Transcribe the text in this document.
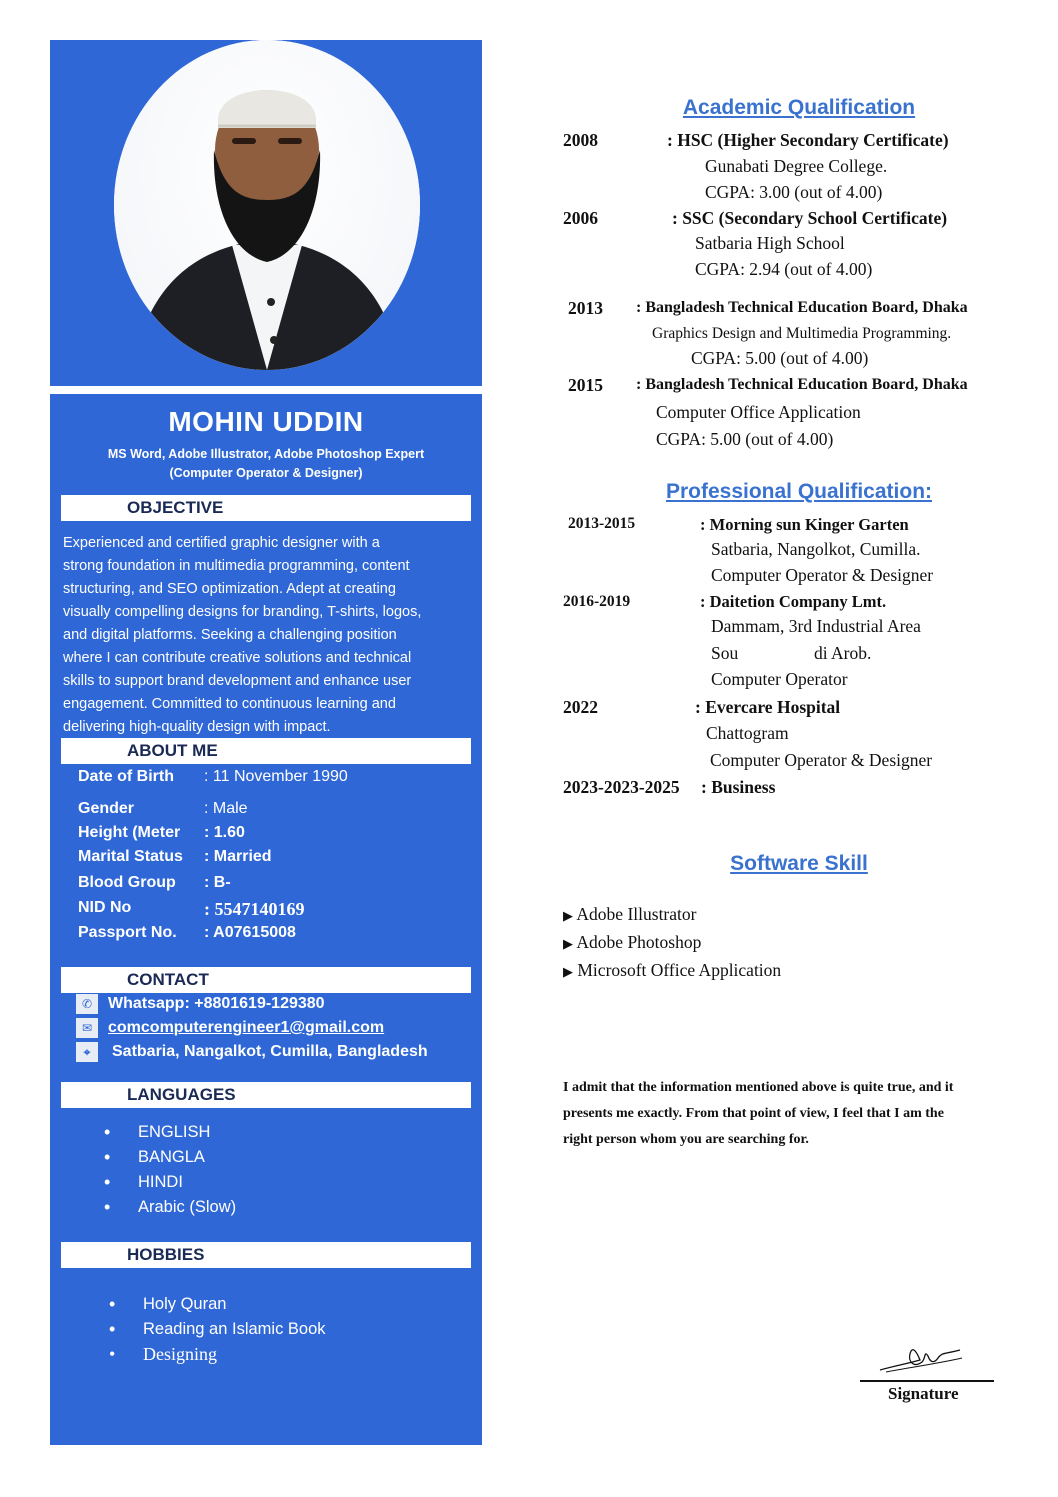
MOHIN UDDIN
MS Word, Adobe Illustrator, Adobe Photoshop Expert
(Computer Operator & Designer)
OBJECTIVE
Experienced and certified graphic designer with a
strong foundation in multimedia programming, content
structuring, and SEO optimization. Adept at creating
visually compelling designs for branding, T-shirts, logos,
and digital platforms. Seeking a challenging position
where I can contribute creative solutions and technical
skills to support brand development and enhance user
engagement. Committed to continuous learning and
delivering high-quality design with impact.
ABOUT ME
Date of Birth	: 11 November 1990
Gender	: Male
Height (Meter	: 1.60
Marital Status	: Married
Blood Group	: B-
NID No	: 5547140169
Passport No.	: A07615008
CONTACT
✆ Whatsapp: +8801619-129380
✉ comcomputerengineer1@gmail.com
⌖	Satbaria, Nangalkot, Cumilla, Bangladesh
LANGUAGES
• ENGLISH
• BANGLA
• HINDI
• Arabic (Slow)
HOBBIES
• Holy Quran
• Reading an Islamic Book
• Designing
Academic Qualification
2008	: HSC (Higher Secondary Certificate)
Gunabati Degree College.
CGPA: 3.00 (out of 4.00)
2006	: SSC (Secondary School Certificate)
Satbaria High School
CGPA: 2.94 (out of 4.00)
2013 : Bangladesh Technical Education Board, Dhaka
Graphics Design and Multimedia Programming.
CGPA: 5.00 (out of 4.00)
2015 : Bangladesh Technical Education Board, Dhaka
Computer Office Application
CGPA: 5.00 (out of 4.00)
Professional Qualification:
2013-2015	: Morning sun Kinger Garten
Satbaria, Nangolkot, Cumilla.
Computer Operator & Designer
2016-2019	: Daitetion Company Lmt.
Dammam, 3rd Industrial Area
Sou	di Arob.
Computer Operator
2022	: Evercare Hospital
Chattogram
Computer Operator & Designer
2023-2023-2025 : Business
Software Skill
▶ Adobe Illustrator
▶ Adobe Photoshop
▶ Microsoft Office Application
I admit that the information mentioned above is quite true, and it
presents me exactly. From that point of view, I feel that I am the
right person whom you are searching for.
Signature
